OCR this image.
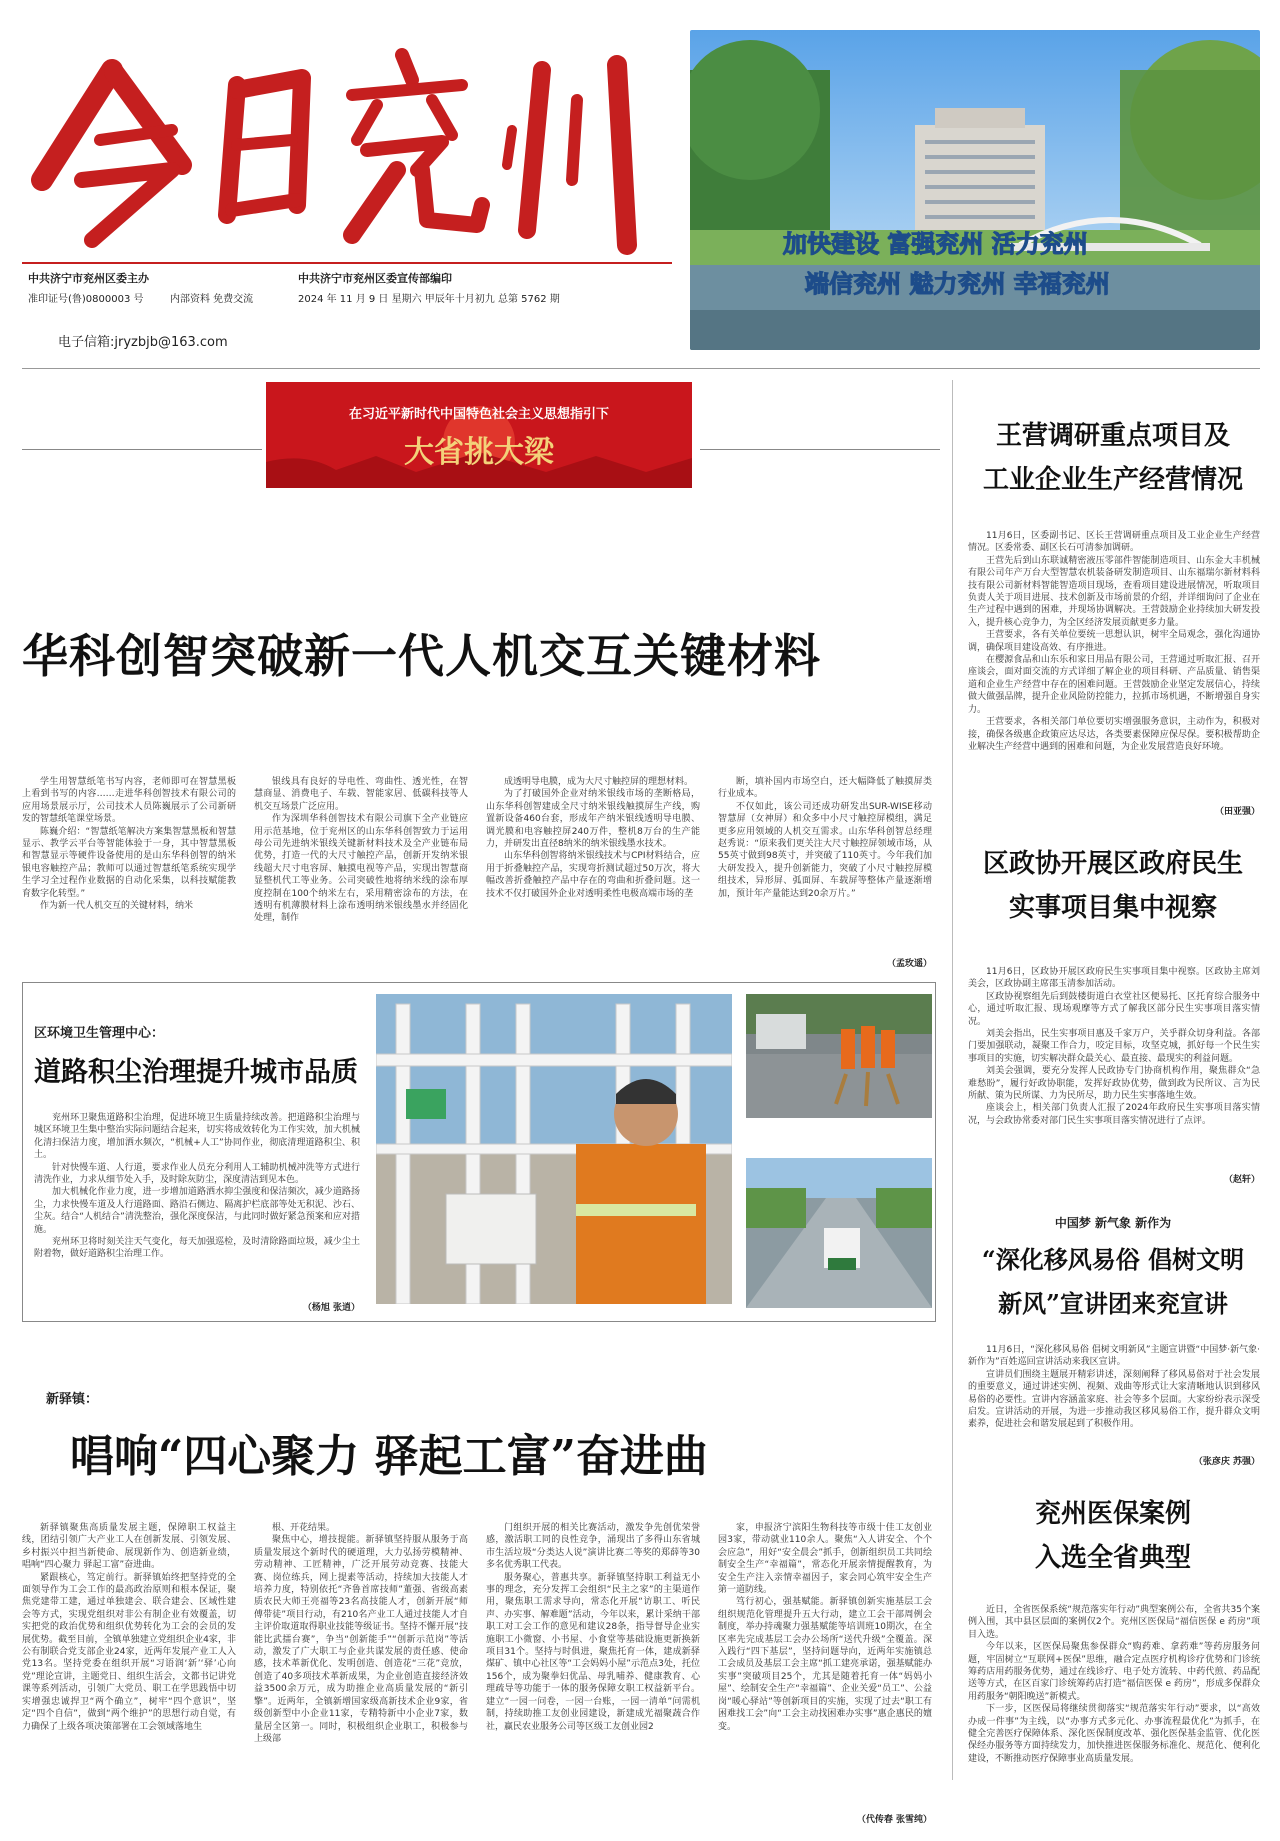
中共济宁市兖州区委主办	中共济宁市兖州区委宣传部编印
准印证号(鲁)0800003 号	内部资料 免费交流	2024 年 11 月 9 日 星期六 甲辰年十月初九 总第 5762 期
电子信箱:jryzbjb@163.com
加快建设 富强兖州 活力兖州
端信兖州 魅力兖州 幸福兖州
在习近平新时代中国特色社会主义思想指引下
大省挑大梁
华科创智突破新一代人机交互关键材料

学生用智慧纸笔书写内容，老师即可在智慧黑板上看到书写的内容……走进华科创智技术有限公司的应用场景展示厅，公司技术人员陈巍展示了公司新研发的智慧纸笔课堂场景。

陈巍介绍：“智慧纸笔解决方案集智慧黑板和智慧显示、教学云平台等智能体验于一身，其中智慧黑板和智慧显示等硬件设备使用的是山东华科创智的纳米银电容触控产品；教师可以通过智慧纸笔系统实现学生学习全过程作业数据的自动化采集，以科技赋能教育数字化转型。”

作为新一代人机交互的关键材料，纳米

银线具有良好的导电性、弯曲性、透光性，在智慧商显、消费电子、车载、智能家居、低碳科技等人机交互场景广泛应用。

作为深圳华科创智技术有限公司旗下全产业链应用示范基地，位于兖州区的山东华科创智致力于运用母公司先进纳米银线关键新材料技术及全产业链布局优势，打造一代的大尺寸触控产品，创新开发纳米银线超大尺寸电容屏、触摸电视等产品，实现出智慧商显整机代工等业务。公司突破性地将纳米线的涂布厚度控制在100个纳米左右，采用精密涂布的方法，在透明有机薄膜材料上涂布透明纳米银线墨水并经固化处理，制作

成透明导电膜，成为大尺寸触控屏的理想材料。

为了打破国外企业对纳米银线市场的垄断格局，山东华科创智建成全尺寸纳米银线触摸屏生产线，购置新设备460台套，形成年产纳米银线透明导电膜、调光膜和电容触控屏240万件，整机8万台的生产能力，并研发出直径8纳米的纳米银线墨水技术。

山东华科创智将纳米银线技术与CPI材料结合，应用于折叠触控产品，实现弯折测试超过50万次，将大幅改善折叠触控产品中存在的弯曲和折叠问题。这一技术不仅打破国外企业对透明柔性电极高端市场的垄

断，填补国内市场空白，还大幅降低了触摸屏类行业成本。

不仅如此，该公司还成功研发出SUR-WISE移动智慧屏（女神屏）和众多中小尺寸触控屏模组，满足更多应用领域的人机交互需求。山东华科创智总经理赵秀说：“原来我们更关注大尺寸触控屏领域市场，从55英寸做到98英寸，并突破了110英寸。今年我们加大研发投入，提升创新能力，突破了小尺寸触控屏模组技术，异形屏、弧面屏、车载屏等整体产量逐渐增加，预计年产量能达到20余万片。”

（孟玫遥）
区环境卫生管理中心：
道路积尘治理提升城市品质

兖州环卫聚焦道路积尘治理，促进环境卫生质量持续改善。把道路积尘治理与城区环境卫生集中整治实际问题结合起来，切实将成效转化为工作实效，加大机械化清扫保洁力度，增加洒水频次，“机械+人工”协同作业，彻底清理道路积尘、积土。

针对快慢车道、人行道，要求作业人员充分利用人工辅助机械冲洗等方式进行清洗作业，力求从细节处入手，及时除灰防尘，深度清洁到见本色。

加大机械化作业力度，进一步增加道路洒水抑尘强度和保洁频次，减少道路扬尘，力求快慢车道及人行道路面、路沿石侧边、隔离护栏底部等处无积泥、沙石、尘灰。结合“人机结合”清洗整治，强化深度保洁，与此同时做好紧急预案和应对措施。

兖州环卫将时刻关注天气变化，每天加强巡检，及时清除路面垃圾，减少尘土附着物，做好道路积尘治理工作。

（杨旭 张逍）
新驿镇：
唱响“四心聚力 驿起工富”奋进曲

新驿镇聚焦高质量发展主题，保障职工权益主线，团结引领广大产业工人在创新发展、引领发展、乡村振兴中担当新使命、展现新作为、创造新业绩，唱响“四心聚力 驿起工富”奋进曲。

紧跟核心，笃定前行。新驿镇始终把坚持党的全面领导作为工会工作的最高政治原则和根本保证，聚焦党建带工建，通过单独建会、联合建会、区域性建会等方式，实现党组织对非公有制企业有效覆盖，切实把党的政治优势和组织优势转化为工会的会员的发展优势。截至目前，全镇单独建立党组织企业4家，非公有制联合党支部企业24家，近两年发展产业工人入党13名。坚持党委在组织开展“习语润‘新’‘驿’心向党”理论宣讲，主题党日、组织生活会，文都书记讲党课等系列活动，引领广大党员、职工在学思践悟中切实增强忠诚捍卫“两个确立”，树牢“四个意识”，坚定“四个自信”，做到“两个维护”的思想行动自觉，有力确保了上级各项决策部署在工会领域落地生

根、开花结果。

聚焦中心，增技提能。新驿镇坚持服从服务于高质量发展这个新时代的硬道理，大力弘扬劳模精神、劳动精神、工匠精神，广泛开展劳动竞赛、技能大赛、岗位练兵，网上提素等活动，持续加大技能人才培养力度，特别依托“齐鲁首席技师”董强、省级高素质农民大师王亮福等23名高技能人才，创新开展“师傅带徒”项目行动，有210名产业工人通过技能人才自主评价取道取得职业技能等级证书。坚持不懈开展“技能比武擂台赛”，争当“创新能手”“创新示范岗”等活动，激发了广大职工与企业共谋发展的责任感、使命感，技术革新优化、发明创造、创造花“三花”竞放，创造了40多项技术革新成果，为企业创造直接经济效益3500余万元，成为助推企业高质量发展的“新引擎”。近两年，全镇新增国家级高新技术企业9家，省级创新型中小企业11家，专精特新中小企业7家，数量居全区第一。同时，积极组织企业职工，积极参与上级部

门组织开展的相关比赛活动，激发争先创优荣誉感，激活职工同的良性竞争，涌现出了多得山东省城市生活垃圾“分类达人说”演讲比赛二等奖的郑薛等30多名优秀职工代表。

服务聚心，普惠共享。新驿镇坚持职工利益无小事的理念，充分发挥工会组织“民主之家”的主渠道作用，聚焦职工需求导向，常态化开展“访职工、听民声、办实事、解难题”活动，今年以来，累计采纳干部职工对工会工作的意见和建议28条，指导督导企业实施职工小微窗、小书屋、小食堂等基础设施更新换新项目31个。坚持与时俱进，聚焦托育一体，建成新驿煤矿、镇中心社区等“工会妈妈小屋”示范点3处，托位156个，成为聚拳妇优品、母乳哺养、健康教育、心理疏导等功能于一体的服务保障女职工权益新平台。建立“一园一问卷，一园一台账，一园一清单”问需机制，持续助推工友创业园建设，新建成光福聚蔬合作社，赢民农业服务公司等区级工友创业园2

家，申报济宁滨阳生物科技等市级十佳工友创业园3家，带动就业110余人。聚焦“入人讲安全、个个会应急”，用好“安全晨会”抓手，创新组织员工共同绘制安全生产“幸福篇”，常态化开展亲情提醒教育，为安全生产注入亲情幸福因子，家会同心筑牢安全生产第一道防线。

笃行初心，强基赋能。新驿镇创新实施基层工会组织规范化管理提升五大行动，建立工会干部周例会制度，举办持魂聚力强基赋能等培训班10期次，在全区率先完成基层工会办公场所“送代升级”全覆盖。深入践行“四下基层”，坚持问题导向，近两年实施镇总工会成员及基层工会主席“抓工建亮承诺，强基赋能办实事”突破项目25个，尤其是随着托育一体“妈妈小屋”、绘制安全生产“幸福篇”、企业关爱“员工”、公益岗“暖心驿站”等创新项目的实施，实现了过去“职工有困难找工会”向“工会主动找困难办实事”惠企惠民的嬗变。

（代传春 张雪纯）
王营调研重点项目及
工业企业生产经营情况

11月6日，区委副书记、区长王营调研重点项目及工业企业生产经营情况。区委常委、副区长石可清参加调研。

王营先后到山东联诚精密液压零部件智能制造项目、山东金大丰机械有限公司年产万台大型智慧农机装备研发制造项目、山东福瑞尔新材料科技有限公司新材料智能智造项目现场，查看项目建设进展情况，听取项目负责人关于项目进展、技术创新及市场前景的介绍，并详细询问了企业在生产过程中遇到的困难，并现场协调解决。王营鼓励企业持续加大研发投入，提升核心竞争力，为全区经济发展贡献更多力量。

王营要求，各有关单位要统一思想认识，树牢全局观念，强化沟通协调，确保项目建设高效、有序推进。

在樱源食品和山东乐和家日用品有限公司，王营通过听取汇报、召开座谈会，面对面交流的方式详细了解企业的项目科研、产品质量、销售渠道和企业生产经营中存在的困难问题。王营鼓励企业坚定发展信心，持续做大做强品牌，提升企业风险防控能力，拉抓市场机遇，不断增强自身实力。

王营要求，各相关部门单位要切实增强服务意识，主动作为，积极对接，确保各级惠企政策应达尽达，各类要素保障应保尽保。要积极帮助企业解决生产经营中遇到的困难和问题，为企业发展营造良好环境。

（田亚强）
区政协开展区政府民生
实事项目集中视察

11月6日，区政协开展区政府民生实事项目集中视察。区政协主席刘美会，区政协副主席邵玉清参加活动。

区政协视察组先后到鼓楼街道白衣堂社区便易托、区托育综合服务中心，通过听取汇报、现场观摩等方式了解我区部分民生实事项目落实情况。

刘美会指出，民生实事项目惠及千家万户，关乎群众切身利益。各部门要加强联动，凝聚工作合力，咬定目标，攻坚克城，抓好每一个民生实事项目的实施，切实解决群众最关心、最直接、最现实的利益问题。

刘美会强调，要充分发挥人民政协专门协商机构作用，聚焦群众“急难愁盼”，履行好政协职能，发挥好政协优势，做到政为民所议、言为民所献、策为民所谋、力为民所尽，助力民生实事落地生效。

座谈会上，相关部门负责人汇报了2024年政府民生实事项目落实情况，与会政协常委对部门民生实事项目落实情况进行了点评。

（赵轩）
中国梦 新气象 新作为
“深化移风易俗 倡树文明
新风”宣讲团来兖宣讲

11月6日，“深化移风易俗 倡树文明新风”主题宣讲暨“中国梦·新气象·新作为”百姓巡回宣讲活动来我区宣讲。

宣讲员们围绕主题展开精彩讲述，深刻阐释了移风易俗对于社会发展的重要意义，通过讲述实例、视频、戏曲等形式让大家清晰地认识到移风易俗的必要性。宣讲内容涵盖家庭、社会等多个层面。大家纷纷表示深受启发。宣讲活动的开展，为进一步推动我区移风易俗工作，提升群众文明素养，促进社会和谐发展起到了积极作用。

（张彦庆 苏强）
兖州医保案例
入选全省典型

近日，全省医保系统“规范落实年行动”典型案例公布，全省共35个案例入围，其中县区层面的案例仅2个。兖州区医保局“福信医保 e 药房”项目入选。

今年以来，区医保局聚焦参保群众“购药难、拿药难”等药房服务问题，牢固树立“互联网+医保”思维，融合定点医疗机构诊疗优势和门诊统筹药店用药服务优势，通过在线诊疗、电子处方流转、中药代煎、药品配送等方式，在区百家门诊统筹药店打造“福信医保 e 药房”，形成多保群众用药服务“朝阳晚送”新模式。

下一步，区医保局将继续贯彻落实“规范落实年行动”要求，以“高效办成一件事”为主线，以“办事方式多元化、办事流程最优化”为抓手，在健全完善医疗保障体系、深化医保制度改革、强化医保基金监管、优化医保经办服务等方面持续发力，加快推进医保服务标准化、规范化、便利化建设，不断推动医疗保障事业高质量发展。
